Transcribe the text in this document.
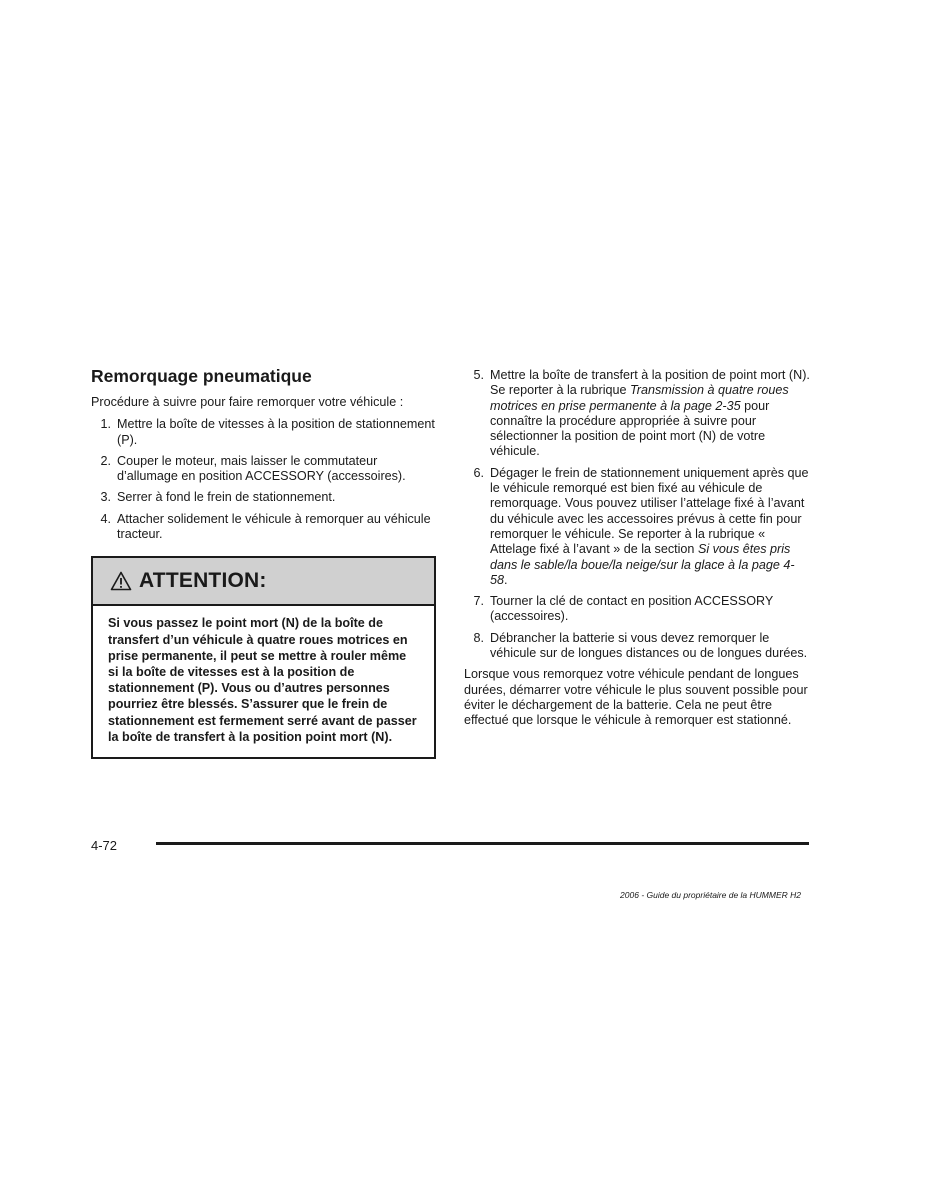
Remorquage pneumatique

Procédure à suivre pour faire remorquer votre véhicule :

1. Mettre la boîte de vitesses à la position de stationnement (P).
2. Couper le moteur, mais laisser le commutateur d’allumage en position ACCESSORY (accessoires).
3. Serrer à fond le frein de stationnement.
4. Attacher solidement le véhicule à remorquer au véhicule tracteur.
ATTENTION:
Si vous passez le point mort (N) de la boîte de transfert d’un véhicule à quatre roues motrices en prise permanente, il peut se mettre à rouler même si la boîte de vitesses est à la position de stationnement (P). Vous ou d’autres personnes pourriez être blessés. S’assurer que le frein de stationnement est fermement serré avant de passer la boîte de transfert à la position point mort (N).
5. Mettre la boîte de transfert à la position de point mort (N). Se reporter à la rubrique Transmission à quatre roues motrices en prise permanente à la page 2-35 pour connaître la procédure appropriée à suivre pour sélectionner la position de point mort (N) de votre véhicule.
6. Dégager le frein de stationnement uniquement après que le véhicule remorqué est bien fixé au véhicule de remorquage. Vous pouvez utiliser l’attelage fixé à l’avant du véhicule avec les accessoires prévus à cette fin pour remorquer le véhicule. Se reporter à la rubrique « Attelage fixé à l’avant » de la section Si vous êtes pris dans le sable/la boue/la neige/sur la glace à la page 4-58.
7. Tourner la clé de contact en position ACCESSORY (accessoires).
8. Débrancher la batterie si vous devez remorquer le véhicule sur de longues distances ou de longues durées.

Lorsque vous remorquez votre véhicule pendant de longues durées, démarrer votre véhicule le plus souvent possible pour éviter le déchargement de la batterie. Cela ne peut être effectué que lorsque le véhicule à remorquer est stationné.

4-72
2006 - Guide du propriétaire de la HUMMER H2
